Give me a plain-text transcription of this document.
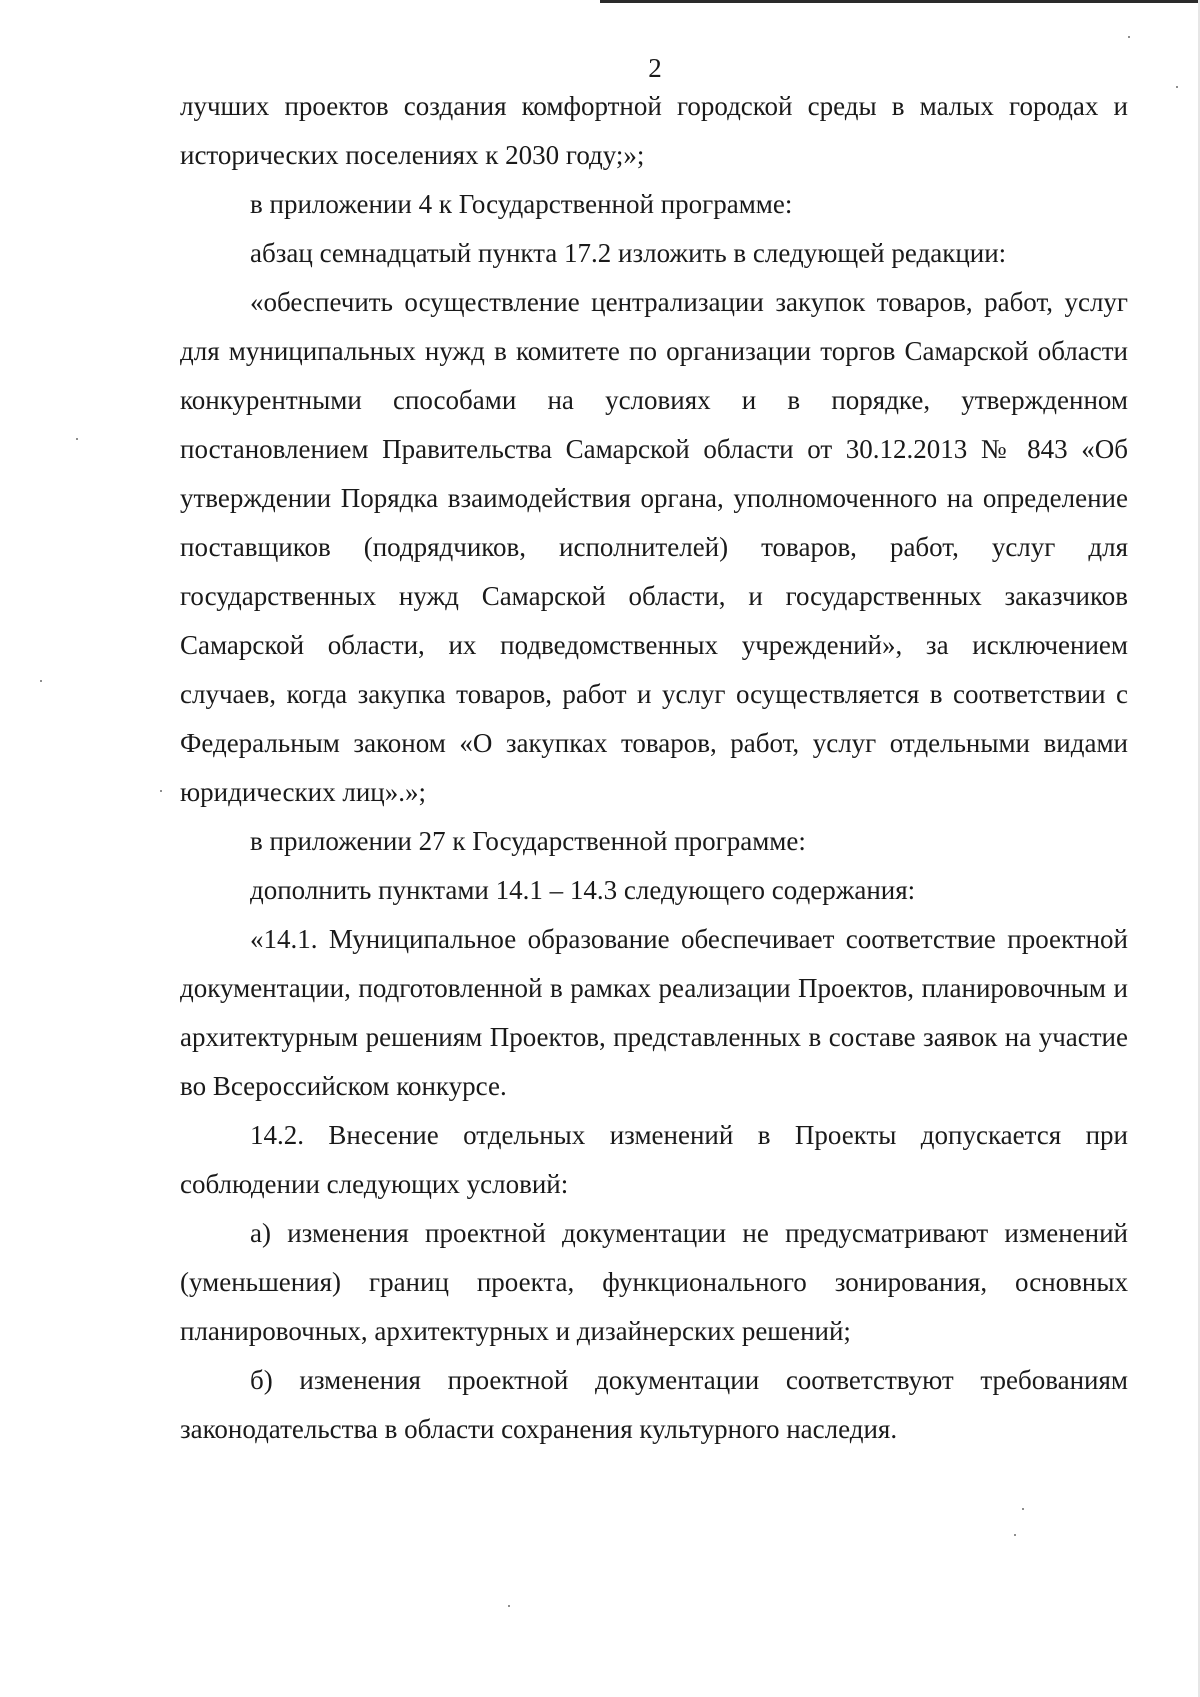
2

лучших проектов создания комфортной городской среды в малых городах и исторических поселениях к 2030 году;»;

в приложении 4 к Государственной программе:

абзац семнадцатый пункта 17.2 изложить в следующей редакции:

«обеспечить осуществление централизации закупок товаров, работ, услуг для муниципальных нужд в комитете по организации торгов Самарской области конкурентными способами на условиях и в порядке, утвержденном постановлением Правительства Самарской области от 30.12.2013 № 843 «Об утверждении Порядка взаимодействия органа, уполномоченного на определение поставщиков (подрядчиков, исполнителей) товаров, работ, услуг для государственных нужд Самарской области, и государственных заказчиков Самарской области, их подведомственных учреждений», за исключением случаев, когда закупка товаров, работ и услуг осуществляется в соответствии с Федеральным законом «О закупках товаров, работ, услуг отдельными видами юридических лиц».»;

в приложении 27 к Государственной программе:

дополнить пунктами 14.1 – 14.3 следующего содержания:

«14.1. Муниципальное образование обеспечивает соответствие проектной документации, подготовленной в рамках реализации Проектов, планировочным и архитектурным решениям Проектов, представленных в составе заявок на участие во Всероссийском конкурсе.

14.2. Внесение отдельных изменений в Проекты допускается при соблюдении следующих условий:

а) изменения проектной документации не предусматривают изменений (уменьшения) границ проекта, функционального зонирования, основных планировочных, архитектурных и дизайнерских решений;

б) изменения проектной документации соответствуют требованиям законодательства в области сохранения культурного наследия.
